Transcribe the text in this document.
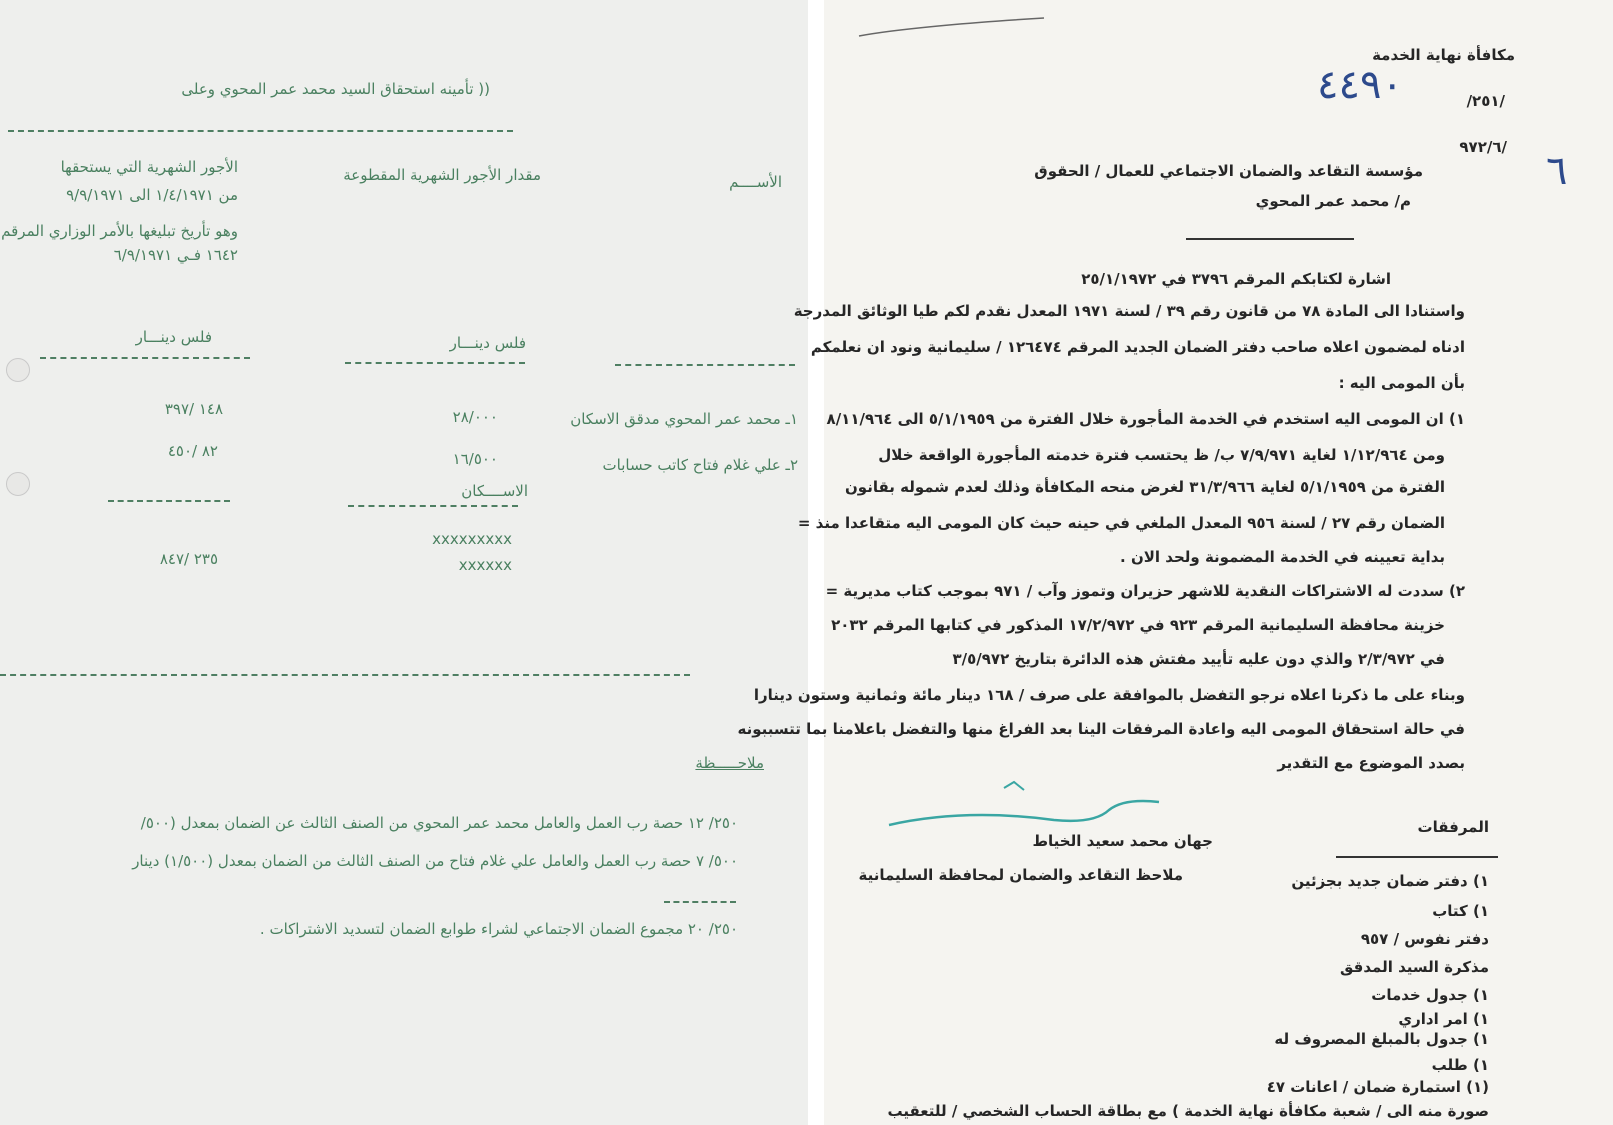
(( تأمينه استحقاق السيد محمد عمر المحوي وعلى
الأســــم
مقدار الأجور الشهرية المقطوعة
الأجور الشهرية التي يستحقها
من ١/٤/١٩٧١ الى ٩/٩/١٩٧١
وهو تأريخ تبليغها بالأمر الوزاري المرقم
١٦٤٢ فـي ٦/٩/١٩٧١
فلس دينـــار
فلس دينـــار
١ـ محمد عمر المحوي مدقق الاسكان
٢٨/٠٠٠
١٤٨ /٣٩٧
٢ـ علي غلام فتاح كاتب حسابات
الاســــكان
١٦/٥٠٠
٨٢ /٤٥٠
xxxxxxxxx
xxxxxx
٢٣٥ /٨٤٧
ملاحـــــظة
٢٥٠/ ١٢ حصة رب العمل والعامل محمد عمر المحوي من الصنف الثالث عن الضمان بمعدل (٥٠٠/
٥٠٠/ ٧ حصة رب العمل والعامل علي غلام فتاح من الصنف الثالث من الضمان بمعدل (١/٥٠٠) دينار
٢٥٠/ ٢٠ مجموع الضمان الاجتماعي لشراء طوابع الضمان لتسديد الاشتراكات .
مكافأة نهاية الخدمة
٤٤٩٠	/٢٥١/
٩٧٢/٦/
٦
مؤسسة التقاعد والضمان الاجتماعي للعمال / الحقوق
م/ محمد عمر المحوي
اشارة لكتابكم المرقم ٣٧٩٦ في ٢٥/١/١٩٧٢
واستنادا الى المادة ٧٨ من قانون رقم ٣٩ / لسنة ١٩٧١ المعدل نقدم لكم طيا الوثائق المدرجة
ادناه لمضمون اعلاه صاحب دفتر الضمان الجديد المرقم ١٢٦٤٧٤ / سليمانية ونود ان نعلمكم
بأن المومى اليه :
١) ان المومى اليه استخدم في الخدمة المأجورة خلال الفترة من ٥/١/١٩٥٩ الى ٨/١١/٩٦٤
ومن ١/١٢/٩٦٤ لغاية ٧/٩/٩٧١ ب/ ظ يحتسب فترة خدمته المأجورة الواقعة خلال
الفترة من ٥/١/١٩٥٩ لغاية ٣١/٣/٩٦٦ لغرض منحه المكافأة وذلك لعدم شموله بقانون
الضمان رقم ٢٧ / لسنة ٩٥٦ المعدل الملغي في حينه حيث كان المومى اليه متقاعدا منذ =
بداية تعيينه في الخدمة المضمونة ولحد الان .
٢) سددت له الاشتراكات النقدية للاشهر حزيران وتموز وآب / ٩٧١ بموجب كتاب مديرية =
خزينة محافظة السليمانية المرقم ٩٢٣ في ١٧/٢/٩٧٢ المذكور في كتابها المرقم ٢٠٣٢
في ٢/٣/٩٧٢ والذي دون عليه تأييد مفتش هذه الدائرة بتاريخ ٣/٥/٩٧٢
وبناء على ما ذكرنا اعلاه نرجو التفضل بالموافقة على صرف / ١٦٨ دينار مائة وثمانية وستون دينارا
في حالة استحقاق المومى اليه واعادة المرفقات الينا بعد الفراغ منها والتفضل باعلامنا بما تتسببونه
بصدد الموضوع مع التقدير
المرفقات
جهان محمد سعيد الخياط
ملاحظ التقاعد والضمان لمحافظة السليمانية	١) دفتر ضمان جديد بجزئين
١) كتاب
دفتر نفوس / ٩٥٧
مذكرة السيد المدقق
١) جدول خدمات
١) امر اداري
١) جدول بالمبلغ المصروف له
١) طلب
(١) استمارة ضمان / اعانات ٤٧
صورة منه الى / شعبة مكافأة نهاية الخدمة ) مع بطاقة الحساب الشخصي / للتعقيب
